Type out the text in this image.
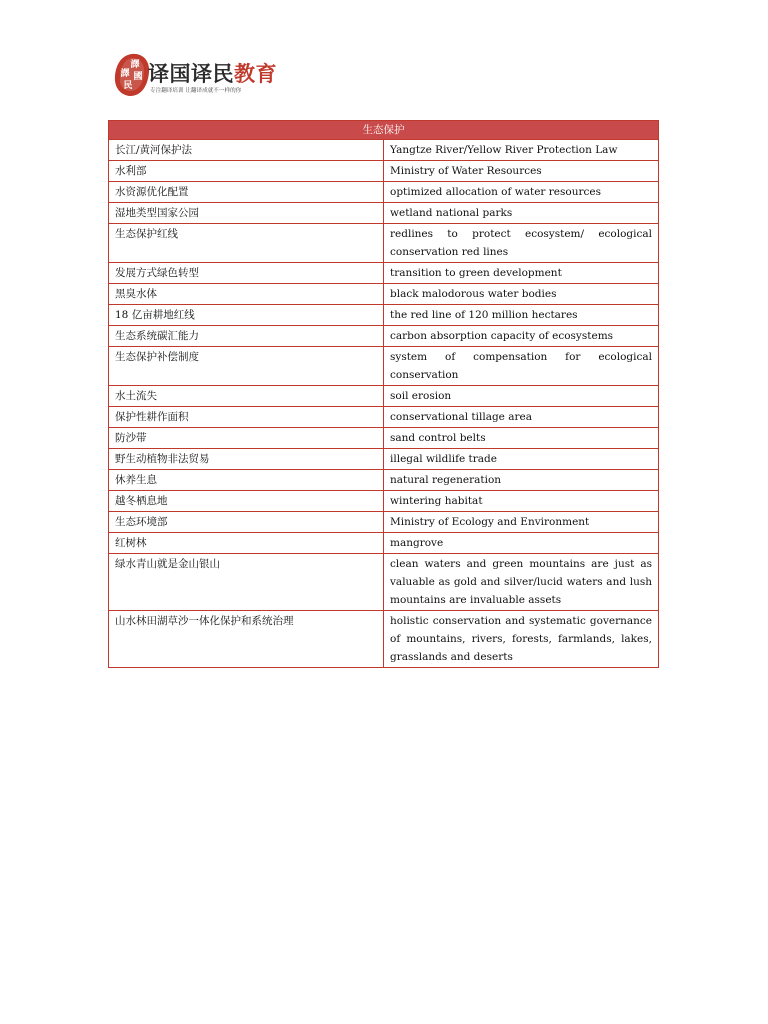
譯
國
譯
民 译国译民教育
专注翻译培训 让翻译成就不一样的你
生态保护	
长江/黄河保护法	Yangtze River/Yellow River Protection Law
水利部	Ministry of Water Resources
水资源优化配置	optimized allocation of water resources
湿地类型国家公园	wetland national parks
生态保护红线	redlines to protect ecosystem/ ecological conservation red lines
发展方式绿色转型	transition to green development
黑臭水体	black malodorous water bodies
18 亿亩耕地红线	the red line of 120 million hectares
生态系统碳汇能力	carbon absorption capacity of ecosystems
生态保护补偿制度	system of compensation for ecological conservation
水土流失	soil erosion
保护性耕作面积	conservational tillage area
防沙带	sand control belts
野生动植物非法贸易	illegal wildlife trade
休养生息	natural regeneration
越冬栖息地	wintering habitat
生态环境部	Ministry of Ecology and Environment
红树林	mangrove
绿水青山就是金山银山	clean waters and green mountains are just as valuable as gold and silver/lucid waters and lush mountains are invaluable assets
山水林田湖草沙一体化保护和系统治理	holistic conservation and systematic governance of mountains, rivers, forests, farmlands, lakes, grasslands and deserts
